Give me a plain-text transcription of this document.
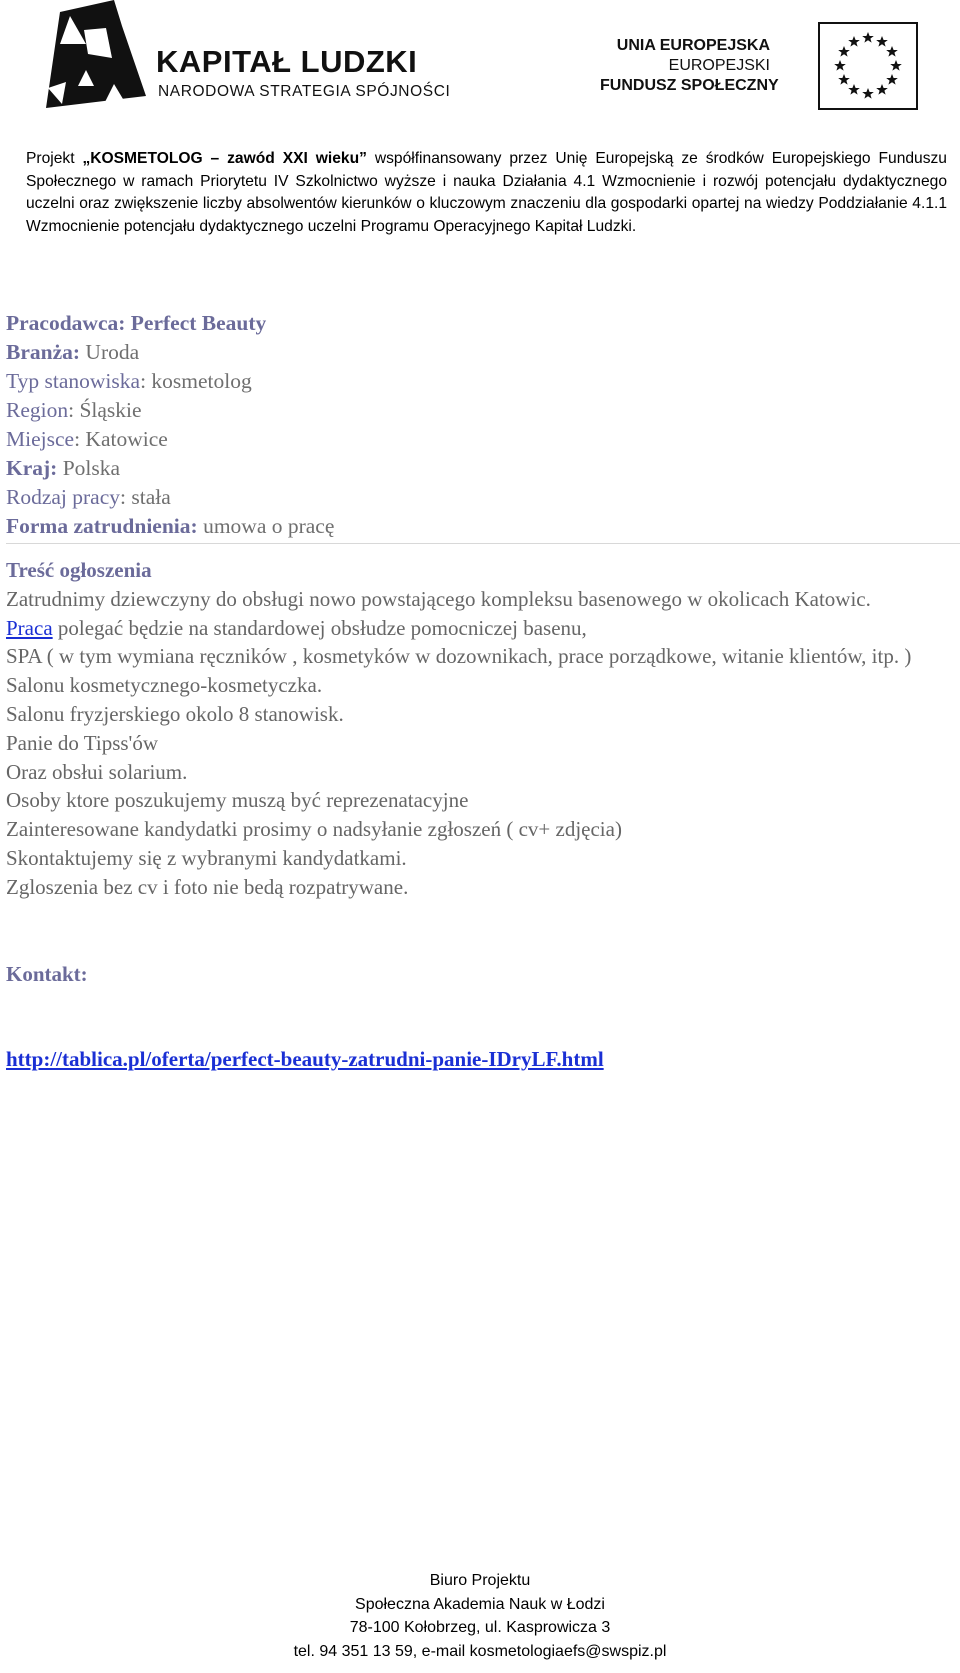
KAPITAŁ LUDZKI
NARODOWA STRATEGIA SPÓJNOŚCI
UNIA EUROPEJSKA
EUROPEJSKI
FUNDUSZ SPOŁECZNY
Projekt „KOSMETOLOG – zawód XXI wieku” współfinansowany przez Unię Europejską ze środków Europejskiego Funduszu Społecznego w ramach Priorytetu IV Szkolnictwo wyższe i nauka Działania 4.1 Wzmocnienie i rozwój potencjału dydaktycznego uczelni oraz zwiększenie liczby absolwentów kierunków o kluczowym znaczeniu dla gospodarki opartej na wiedzy Poddziałanie 4.1.1 Wzmocnienie potencjału dydaktycznego uczelni Programu Operacyjnego Kapitał Ludzki.
Pracodawca: Perfect Beauty
Branża: Uroda
Typ stanowiska: kosmetolog
Region: Śląskie
Miejsce: Katowice
Kraj: Polska
Rodzaj pracy: stała
Forma zatrudnienia: umowa o pracę

Treść ogłoszenia

Zatrudnimy dziewczyny do obsługi nowo powstającego kompleksu basenowego w okolicach Katowic.

Praca polegać będzie na standardowej obsłudze pomocniczej basenu,

SPA ( w tym wymiana ręczników , kosmetyków w dozownikach, prace porządkowe, witanie klientów, itp. ) Salonu kosmetycznego-kosmetyczka.

Salonu fryzjerskiego okolo 8 stanowisk.

Panie do Tipss'ów

Oraz obsłui solarium.

Osoby ktore poszukujemy muszą być reprezenatacyjne

Zainteresowane kandydatki prosimy o nadsyłanie zgłoszeń ( cv+ zdjęcia)

Skontaktujemy się z wybranymi kandydatkami.

Zgloszenia bez cv i foto nie bedą rozpatrywane.

Kontakt:
http://tablica.pl/oferta/perfect-beauty-zatrudni-panie-IDryLF.html
Biuro Projektu
Społeczna Akademia Nauk w Łodzi
78-100 Kołobrzeg, ul. Kasprowicza 3
tel. 94 351 13 59, e-mail kosmetologiaefs@swspiz.pl
